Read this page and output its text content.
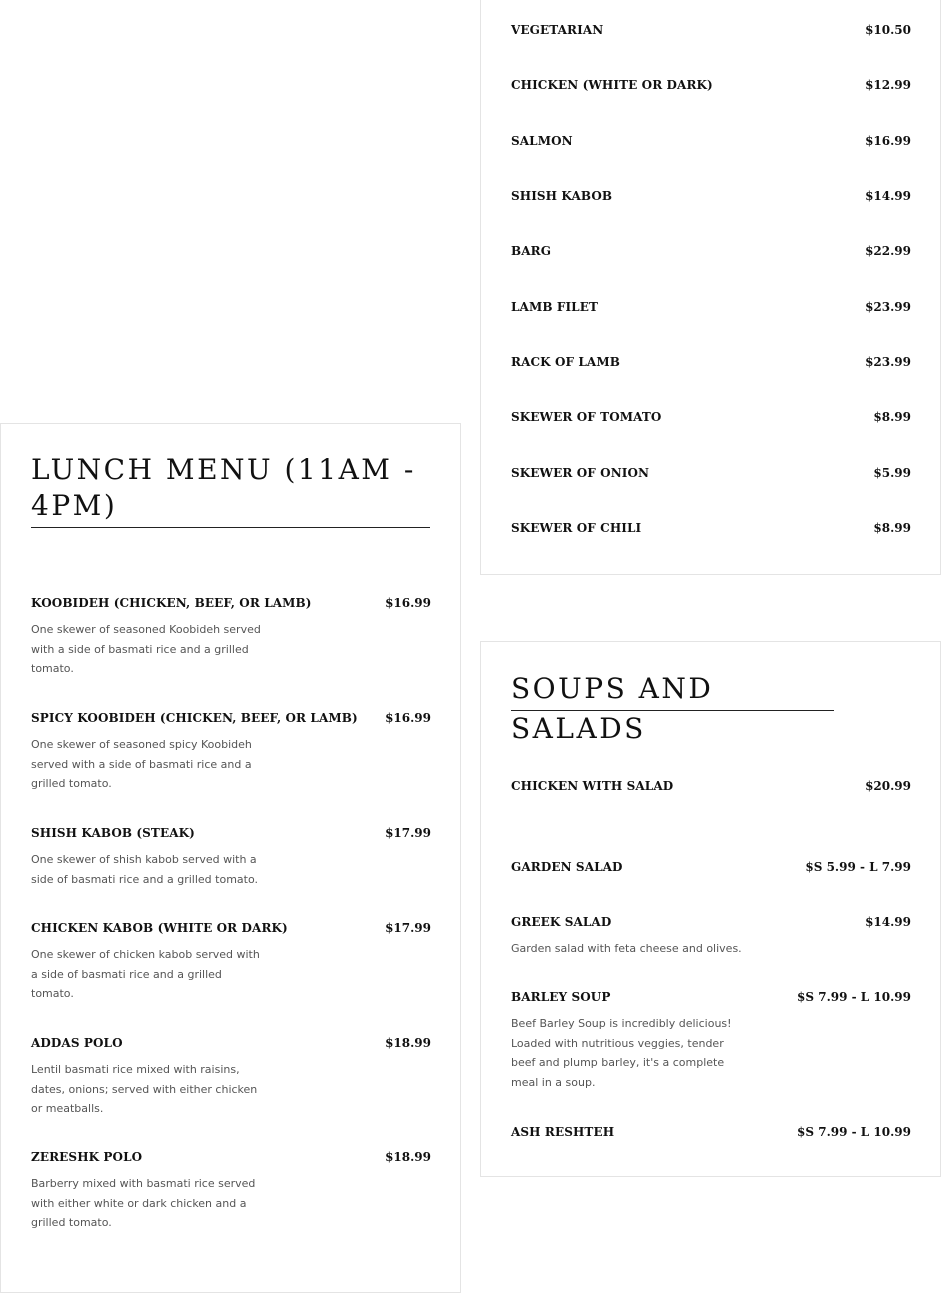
VEGETARIAN	$10.50
CHICKEN (WHITE OR DARK)	$12.99
SALMON	$16.99
SHISH KABOB	$14.99
BARG	$22.99
LAMB FILET	$23.99
RACK OF LAMB	$23.99
SKEWER OF TOMATO	$8.99
SKEWER OF ONION	$5.99
SKEWER OF CHILI	$8.99
LUNCH MENU (11AM - 4PM)
KOOBIDEH (CHICKEN, BEEF, OR LAMB)	$16.99
One skewer of seasoned Koobideh served with a side of basmati rice and a grilled tomato.
SPICY KOOBIDEH (CHICKEN, BEEF, OR LAMB) $16.99
One skewer of seasoned spicy Koobideh served with a side of basmati rice and a grilled tomato.
SHISH KABOB (STEAK)	$17.99
One skewer of shish kabob served with a side of basmati rice and a grilled tomato.
CHICKEN KABOB (WHITE OR DARK)	$17.99
One skewer of chicken kabob served with a side of basmati rice and a grilled tomato.
ADDAS POLO	$18.99
Lentil basmati rice mixed with raisins, dates, onions; served with either chicken or meatballs.
ZERESHK POLO	$18.99
Barberry mixed with basmati rice served with either white or dark chicken and a grilled tomato.
SOUPS AND SALADS
CHICKEN WITH SALAD	$20.99
GARDEN SALAD	$S 5.99 - L 7.99
GREEK SALAD	$14.99
Garden salad with feta cheese and olives.
BARLEY SOUP	$S 7.99 - L 10.99
Beef Barley Soup is incredibly delicious! Loaded with nutritious veggies, tender beef and plump barley, it's a complete meal in a soup.
ASH RESHTEH	$S 7.99 - L 10.99
